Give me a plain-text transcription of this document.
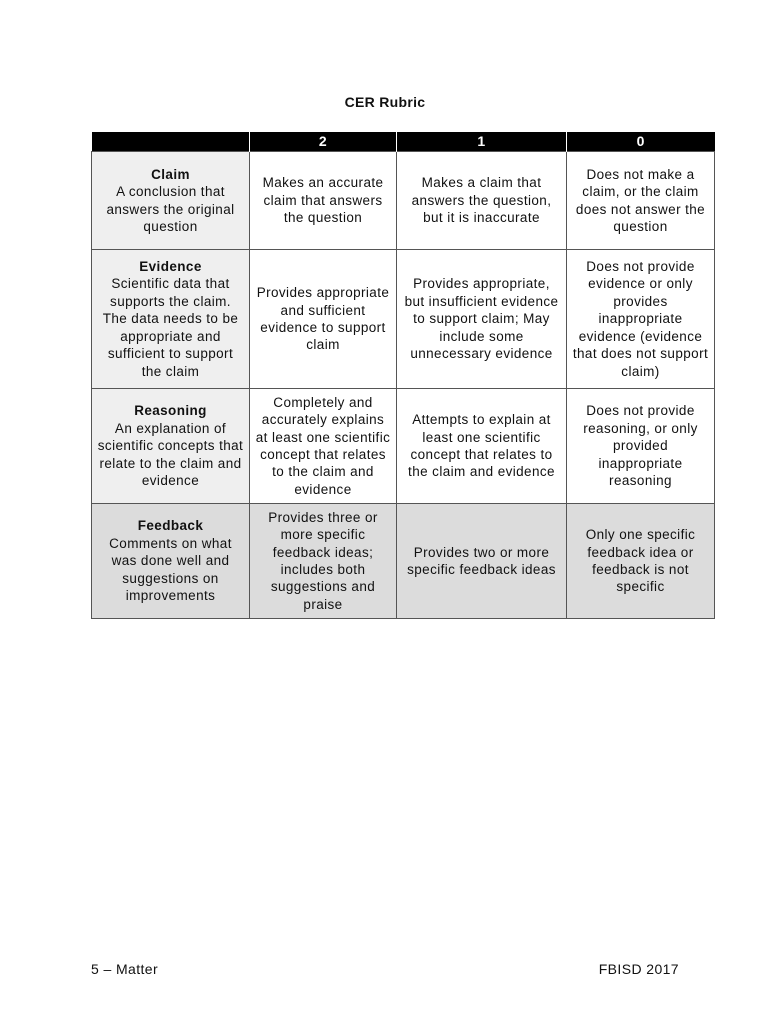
CER Rubric
	2	1	0

Claim
A conclusion that answers the original question	Makes an accurate claim that answers the question	Makes a claim that answers the question, but it is inaccurate	Does not make a claim, or the claim does not answer the question

Evidence
Scientific data that supports the claim. The data needs to be appropriate and sufficient to support the claim	Provides appropriate and sufficient evidence to support claim	Provides appropriate, but insufficient evidence to support claim; May include some unnecessary evidence	Does not provide evidence or only provides inappropriate evidence (evidence that does not support claim)

Reasoning
An explanation of scientific concepts that relate to the claim and evidence	Completely and accurately explains at least one scientific concept that relates to the claim and evidence	Attempts to explain at least one scientific concept that relates to the claim and evidence	Does not provide reasoning, or only provided inappropriate reasoning

Feedback
Comments on what was done well and suggestions on improvements	Provides three or more specific feedback ideas; includes both suggestions and praise	Provides two or more specific feedback ideas	Only one specific feedback idea or feedback is not specific
5 – Matter	FBISD 2017
